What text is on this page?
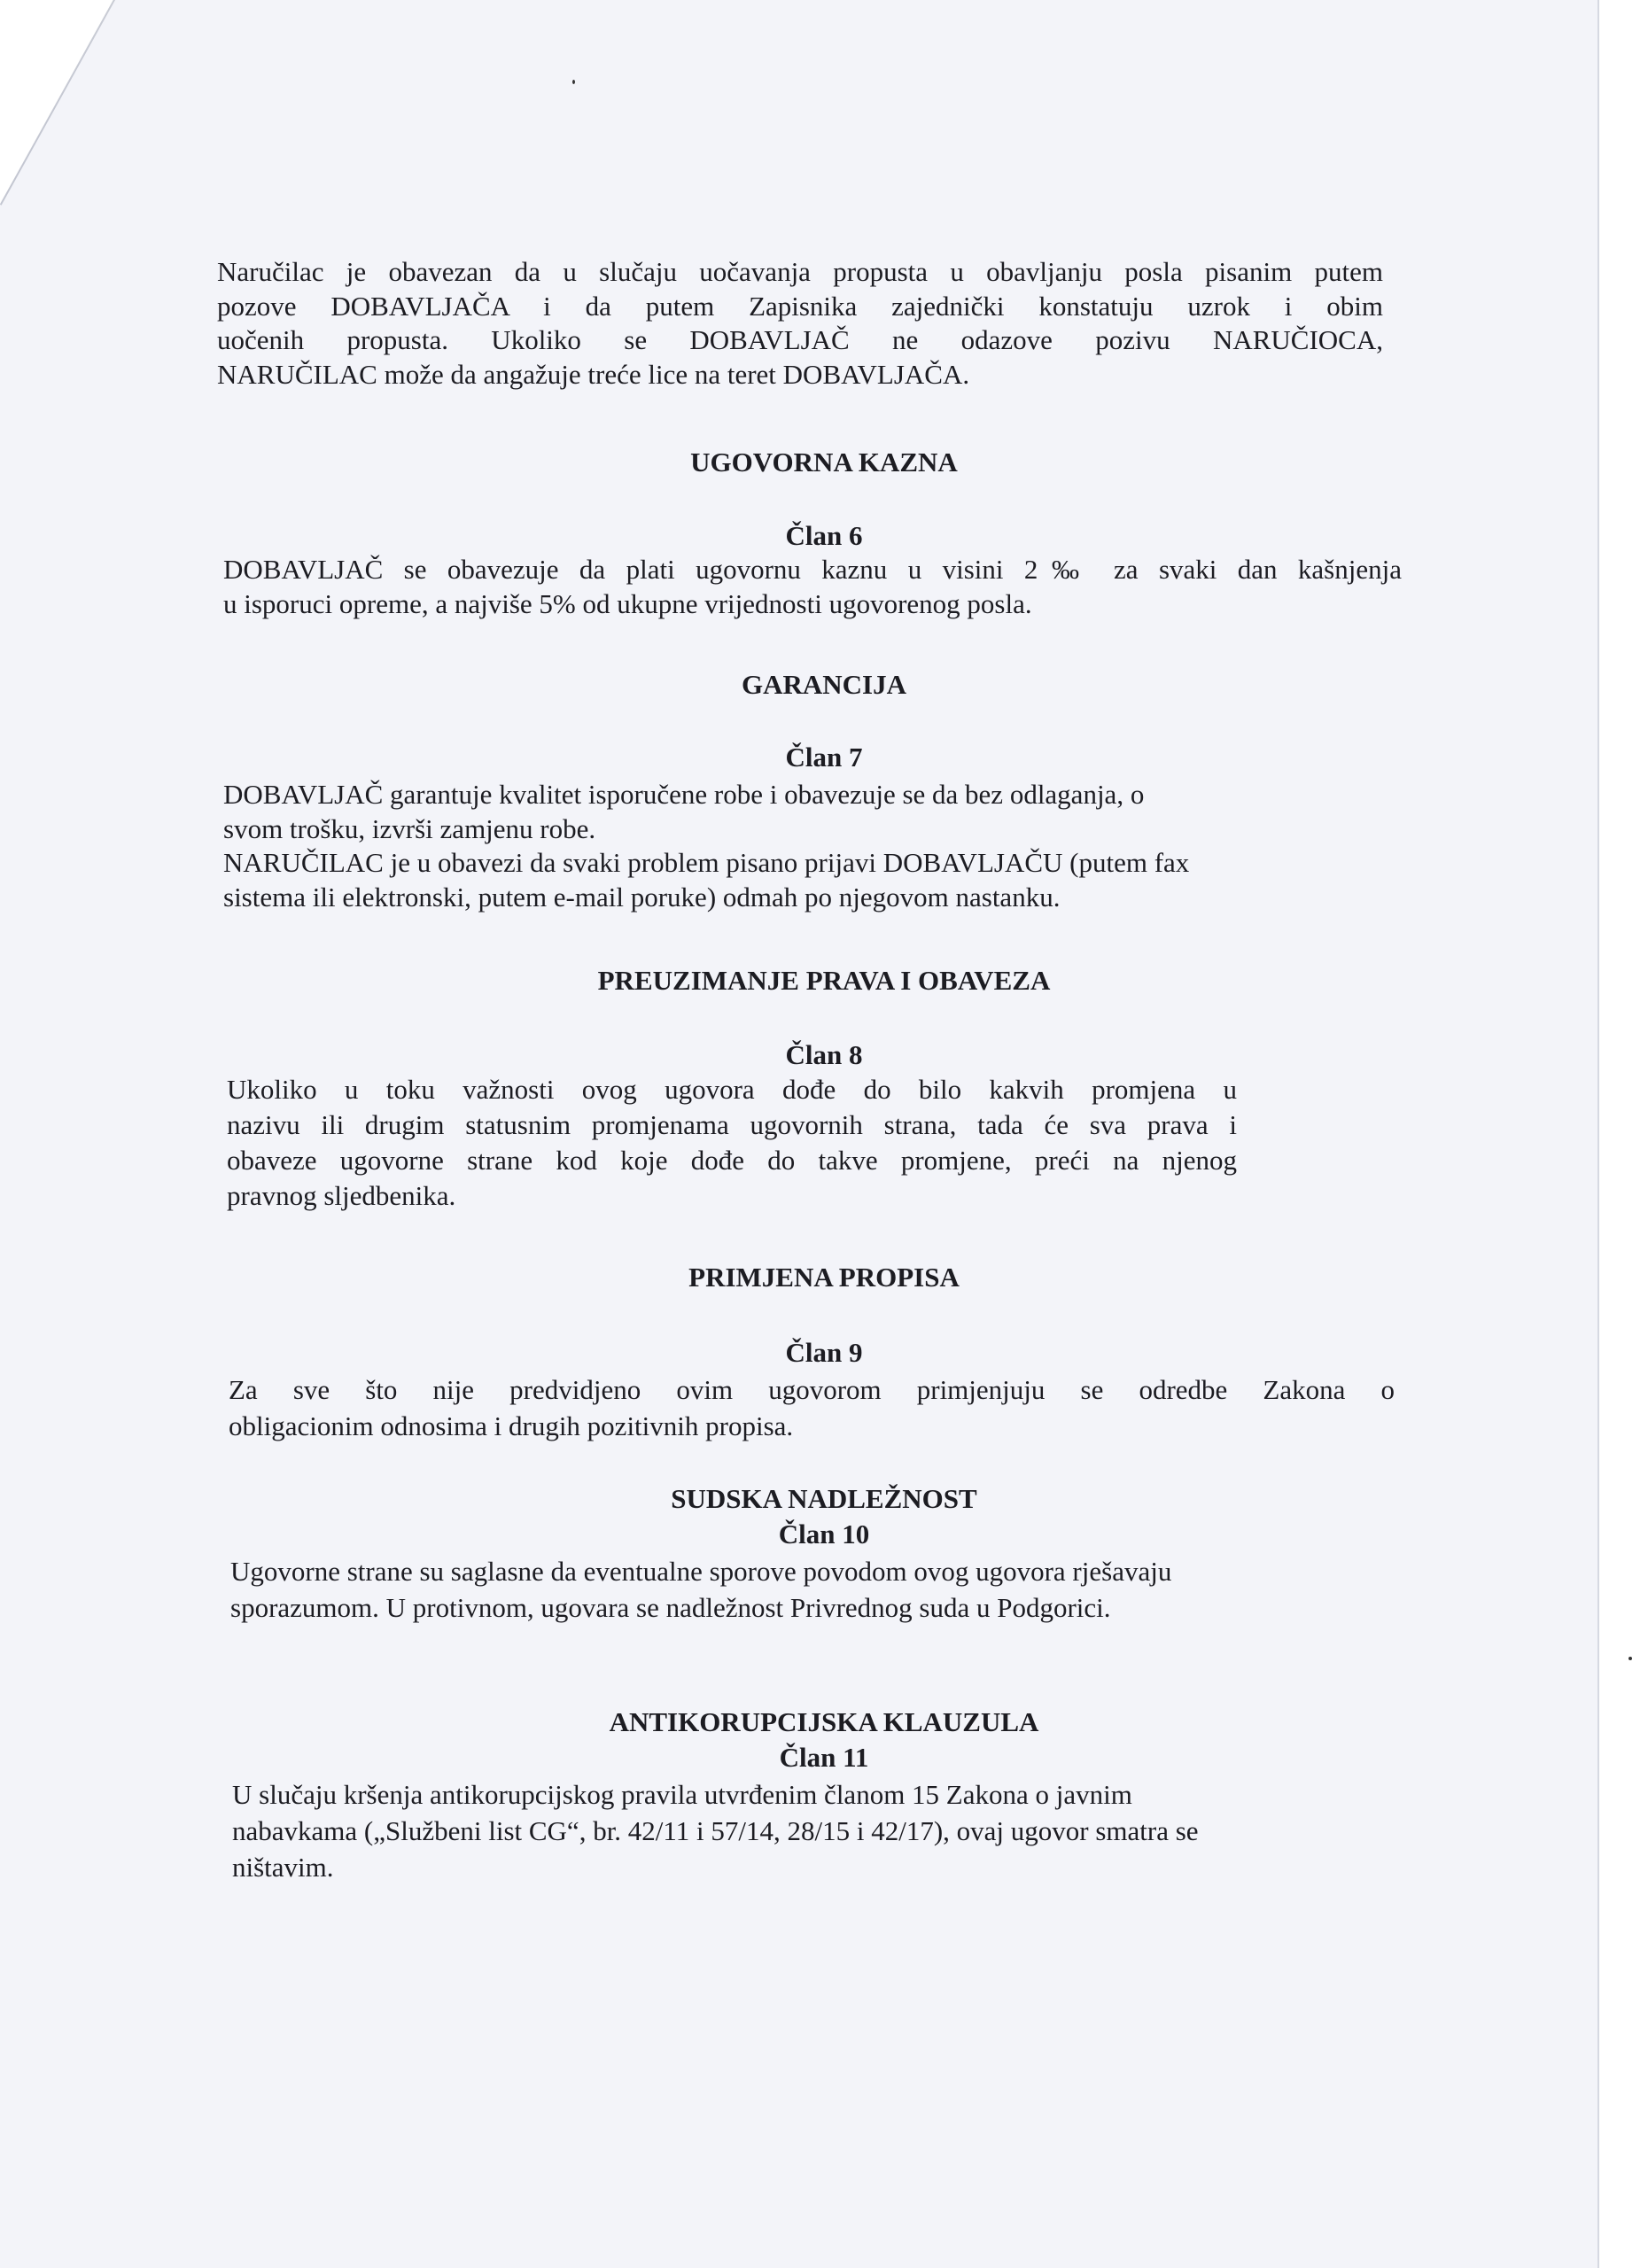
Naručilac je obavezan da u slučaju uočavanja propusta u obavljanju posla pisanim putem
pozove DOBAVLJAČA i da putem Zapisnika zajednički konstatuju uzrok i obim
uočenih propusta. Ukoliko se DOBAVLJAČ ne odazove pozivu NARUČIOCA,
NARUČILAC može da angažuje treće lice na teret DOBAVLJAČA.
UGOVORNA KAZNA
Član 6
DOBAVLJAČ se obavezuje da plati ugovornu kaznu u visini 2‰ za svaki dan kašnjenja
u isporuci opreme, a najviše 5% od ukupne vrijednosti ugovorenog posla.
GARANCIJA
Član 7
DOBAVLJAČ garantuje kvalitet isporučene robe i obavezuje se da bez odlaganja, o
svom trošku, izvrši zamjenu robe.
NARUČILAC je u obavezi da svaki problem pisano prijavi DOBAVLJAČU (putem fax
sistema ili elektronski, putem e-mail poruke) odmah po njegovom nastanku.
PREUZIMANJE PRAVA I OBAVEZA
Član 8
Ukoliko u toku važnosti ovog ugovora dođe do bilo kakvih promjena u
nazivu ili drugim statusnim promjenama ugovornih strana, tada će sva prava i
obaveze ugovorne strane kod koje dođe do takve promjene, preći na njenog
pravnog sljedbenika.
PRIMJENA PROPISA
Član 9
Za sve što nije predvidjeno ovim ugovorom primjenjuju se odredbe Zakona o
obligacionim odnosima i drugih pozitivnih propisa.
SUDSKA NADLEŽNOST
Član 10
Ugovorne strane su saglasne da eventualne sporove povodom ovog ugovora rješavaju
sporazumom. U protivnom, ugovara se nadležnost Privrednog suda u Podgorici.
ANTIKORUPCIJSKA KLAUZULA
Član 11
U slučaju kršenja antikorupcijskog pravila utvrđenim članom 15 Zakona o javnim
nabavkama („Službeni list CG“, br. 42/11 i 57/14, 28/15 i 42/17), ovaj ugovor smatra se
ništavim.
